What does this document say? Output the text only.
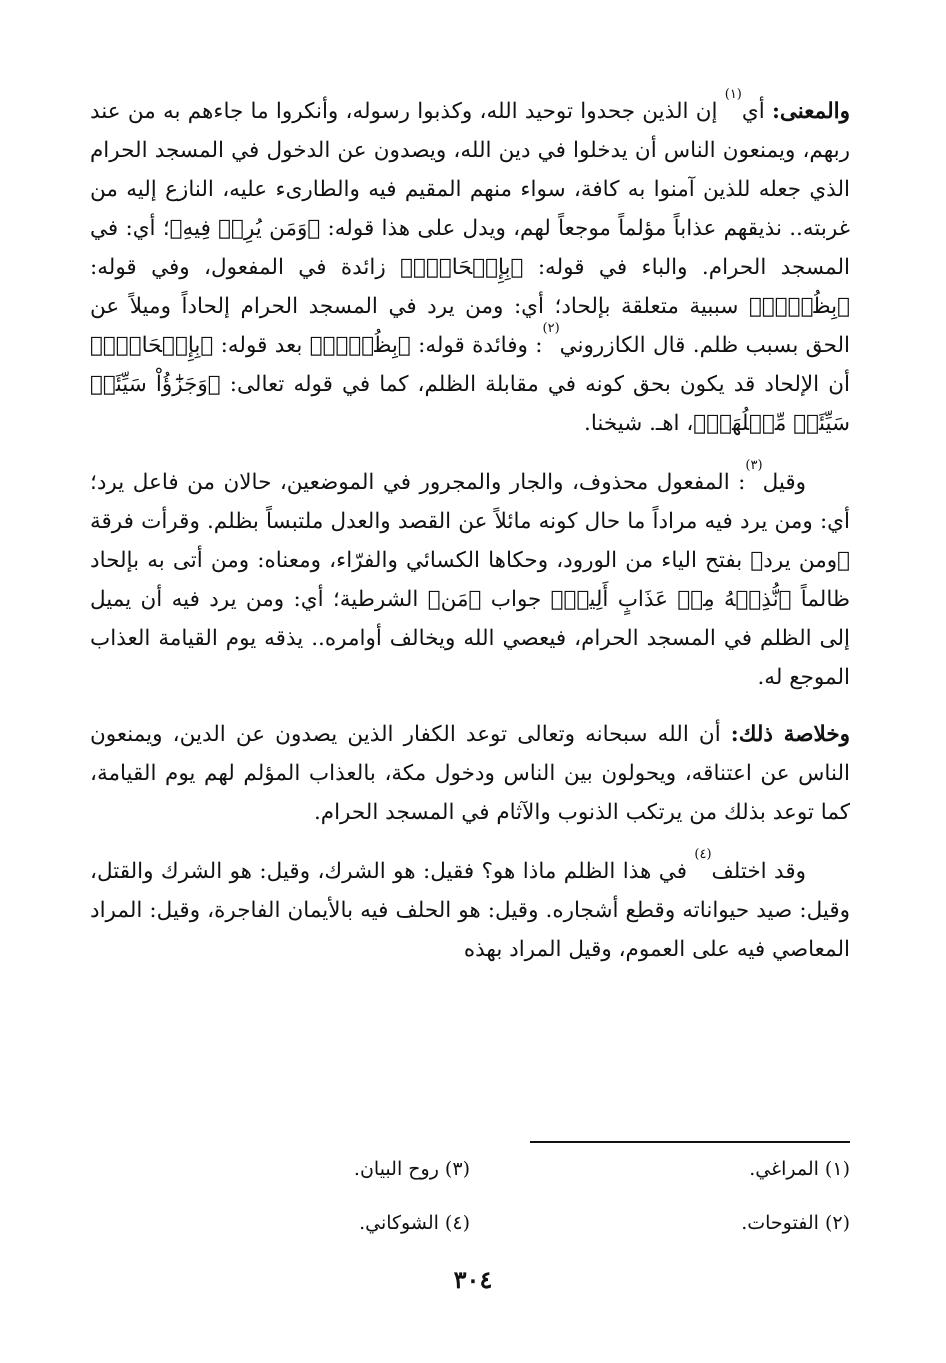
والمعنى: أي$^{(١)}$ إن الذين جحدوا توحيد الله، وكذبوا رسوله، وأنكروا ما جاءهم به من عند ربهم، ويمنعون الناس أن يدخلوا في دين الله، ويصدون عن الدخول في المسجد الحرام الذي جعله للذين آمنوا به كافة، سواء منهم المقيم فيه والطارىء عليه، النازع إليه من غربته.. نذيقهم عذاباً مؤلماً موجعاً لهم، ويدل على هذا قوله: ﴿وَمَن يُرِدۡ فِيهِ﴾؛ أي: في المسجد الحرام. والباء في قوله: ﴿بِإِلۡحَادِۢ﴾ زائدة في المفعول، وفي قوله: ﴿بِظُلۡمٖ﴾ سببية متعلقة بإلحاد؛ أي: ومن يرد في المسجد الحرام إلحاداً وميلاً عن الحق بسبب ظلم. قال الكازروني$^{(٢)}$: وفائدة قوله: ﴿بِظُلۡمٖ﴾ بعد قوله: ﴿بِإِلۡحَادِۢ﴾ أن الإلحاد قد يكون بحق كونه في مقابلة الظلم، كما في قوله تعالى: ﴿وَجَزَٰٓؤُاْ سَيِّئَةٖ سَيِّئَةٞ مِّثۡلُهَاۖ﴾، اهـ. شيخنا.

وقيل$^{(٣)}$: المفعول محذوف، والجار والمجرور في الموضعين، حالان من فاعل يرد؛ أي: ومن يرد فيه مراداً ما حال كونه مائلاً عن القصد والعدل ملتبساً بظلم. وقرأت فرقة ﴿ومن يرد﴾ بفتح الياء من الورود، وحكاها الكسائي والفرّاء، ومعناه: ومن أتى به بإلحاد ظالماً ﴿نُّذِقۡهُ مِنۡ عَذَابٍ أَلِيمٖ﴾ جواب ﴿مَن﴾ الشرطية؛ أي: ومن يرد فيه أن يميل إلى الظلم في المسجد الحرام، فيعصي الله ويخالف أوامره.. يذقه يوم القيامة العذاب الموجع له.

وخلاصة ذلك: أن الله سبحانه وتعالى توعد الكفار الذين يصدون عن الدين، ويمنعون الناس عن اعتناقه، ويحولون بين الناس ودخول مكة، بالعذاب المؤلم لهم يوم القيامة، كما توعد بذلك من يرتكب الذنوب والآثام في المسجد الحرام.

وقد اختلف$^{(٤)}$ في هذا الظلم ماذا هو؟ فقيل: هو الشرك، وقيل: هو الشرك والقتل، وقيل: صيد حيواناته وقطع أشجاره. وقيل: هو الحلف فيه بالأيمان الفاجرة، وقيل: المراد المعاصي فيه على العموم، وقيل المراد بهذه

(١) المراغي.
(٣) روح البيان.
(٢) الفتوحات.
(٤) الشوكاني.
٣٠٤
